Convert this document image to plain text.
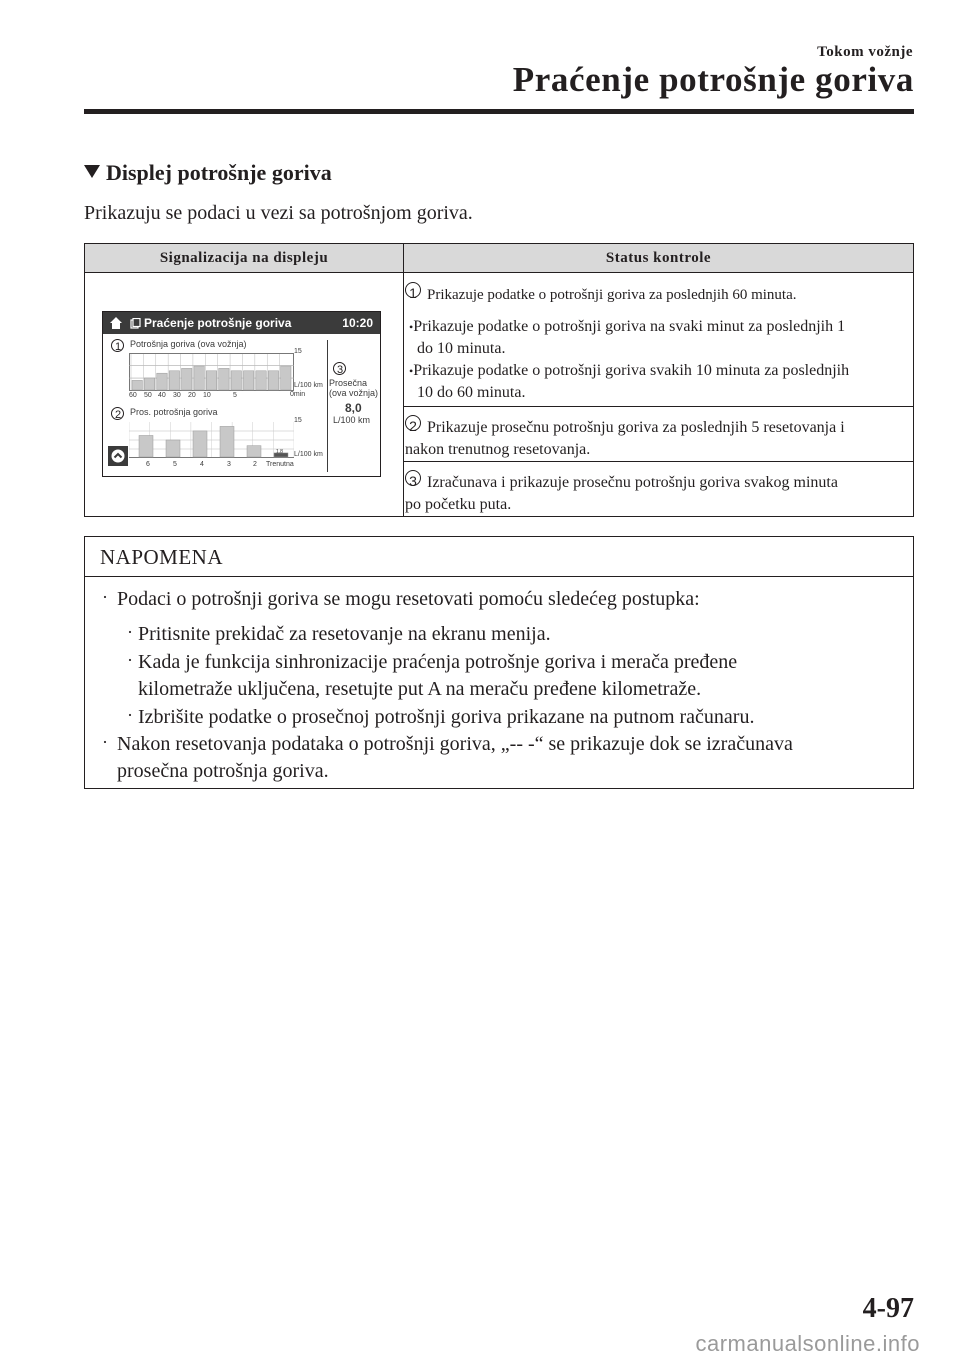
Tokom vožnje
Praćenje potrošnje goriva
Displej potrošnje goriva
Prikazuju se podaci u vezi sa potrošnjom goriva.
Signalizacija na displeju	Status kontrole
1 Prikazuje podatke o potrošnji goriva za poslednjih 60 minuta.
•Prikazuje podatke o potrošnji goriva na svaki minut za poslednjih 1
do 10 minuta.
•Prikazuje podatke o potrošnji goriva svakih 10 minuta za poslednjih
10 do 60 minuta.
2 Prikazuje prosečnu potrošnju goriva za poslednjih 5 resetovanja i
nakon trenutnog resetovanja.
3 Izračunava i prikazuje prosečnu potrošnju goriva svakog minuta
po početku puta.
Praćenje potrošnje goriva	10:20
1 Potrošnja goriva (ova vožnja)
15
L/100 km
0min
60 50 40 30 20 10	5
2 Pros. potrošnja goriva
15
1.8 L/100 km
6	5	4	3	2 Trenutna
3
Prosečna
(ova vožnja)
8,0
L/100 km
NAPOMENA
· Podaci o potrošnji goriva se mogu resetovati pomoću sledećeg postupka:
· Pritisnite prekidač za resetovanje na ekranu menija.
· Kada je funkcija sinhronizacije praćenja potrošnje goriva i merača pređene
kilometraže uključena, resetujte put A na meraču pređene kilometraže.
· Izbrišite podatke o prosečnoj potrošnji goriva prikazane na putnom računaru.
· Nakon resetovanja podataka o potrošnji goriva, „-- -“ se prikazuje dok se izračunava
prosečna potrošnja goriva.
4-97
carmanualsonline.info
